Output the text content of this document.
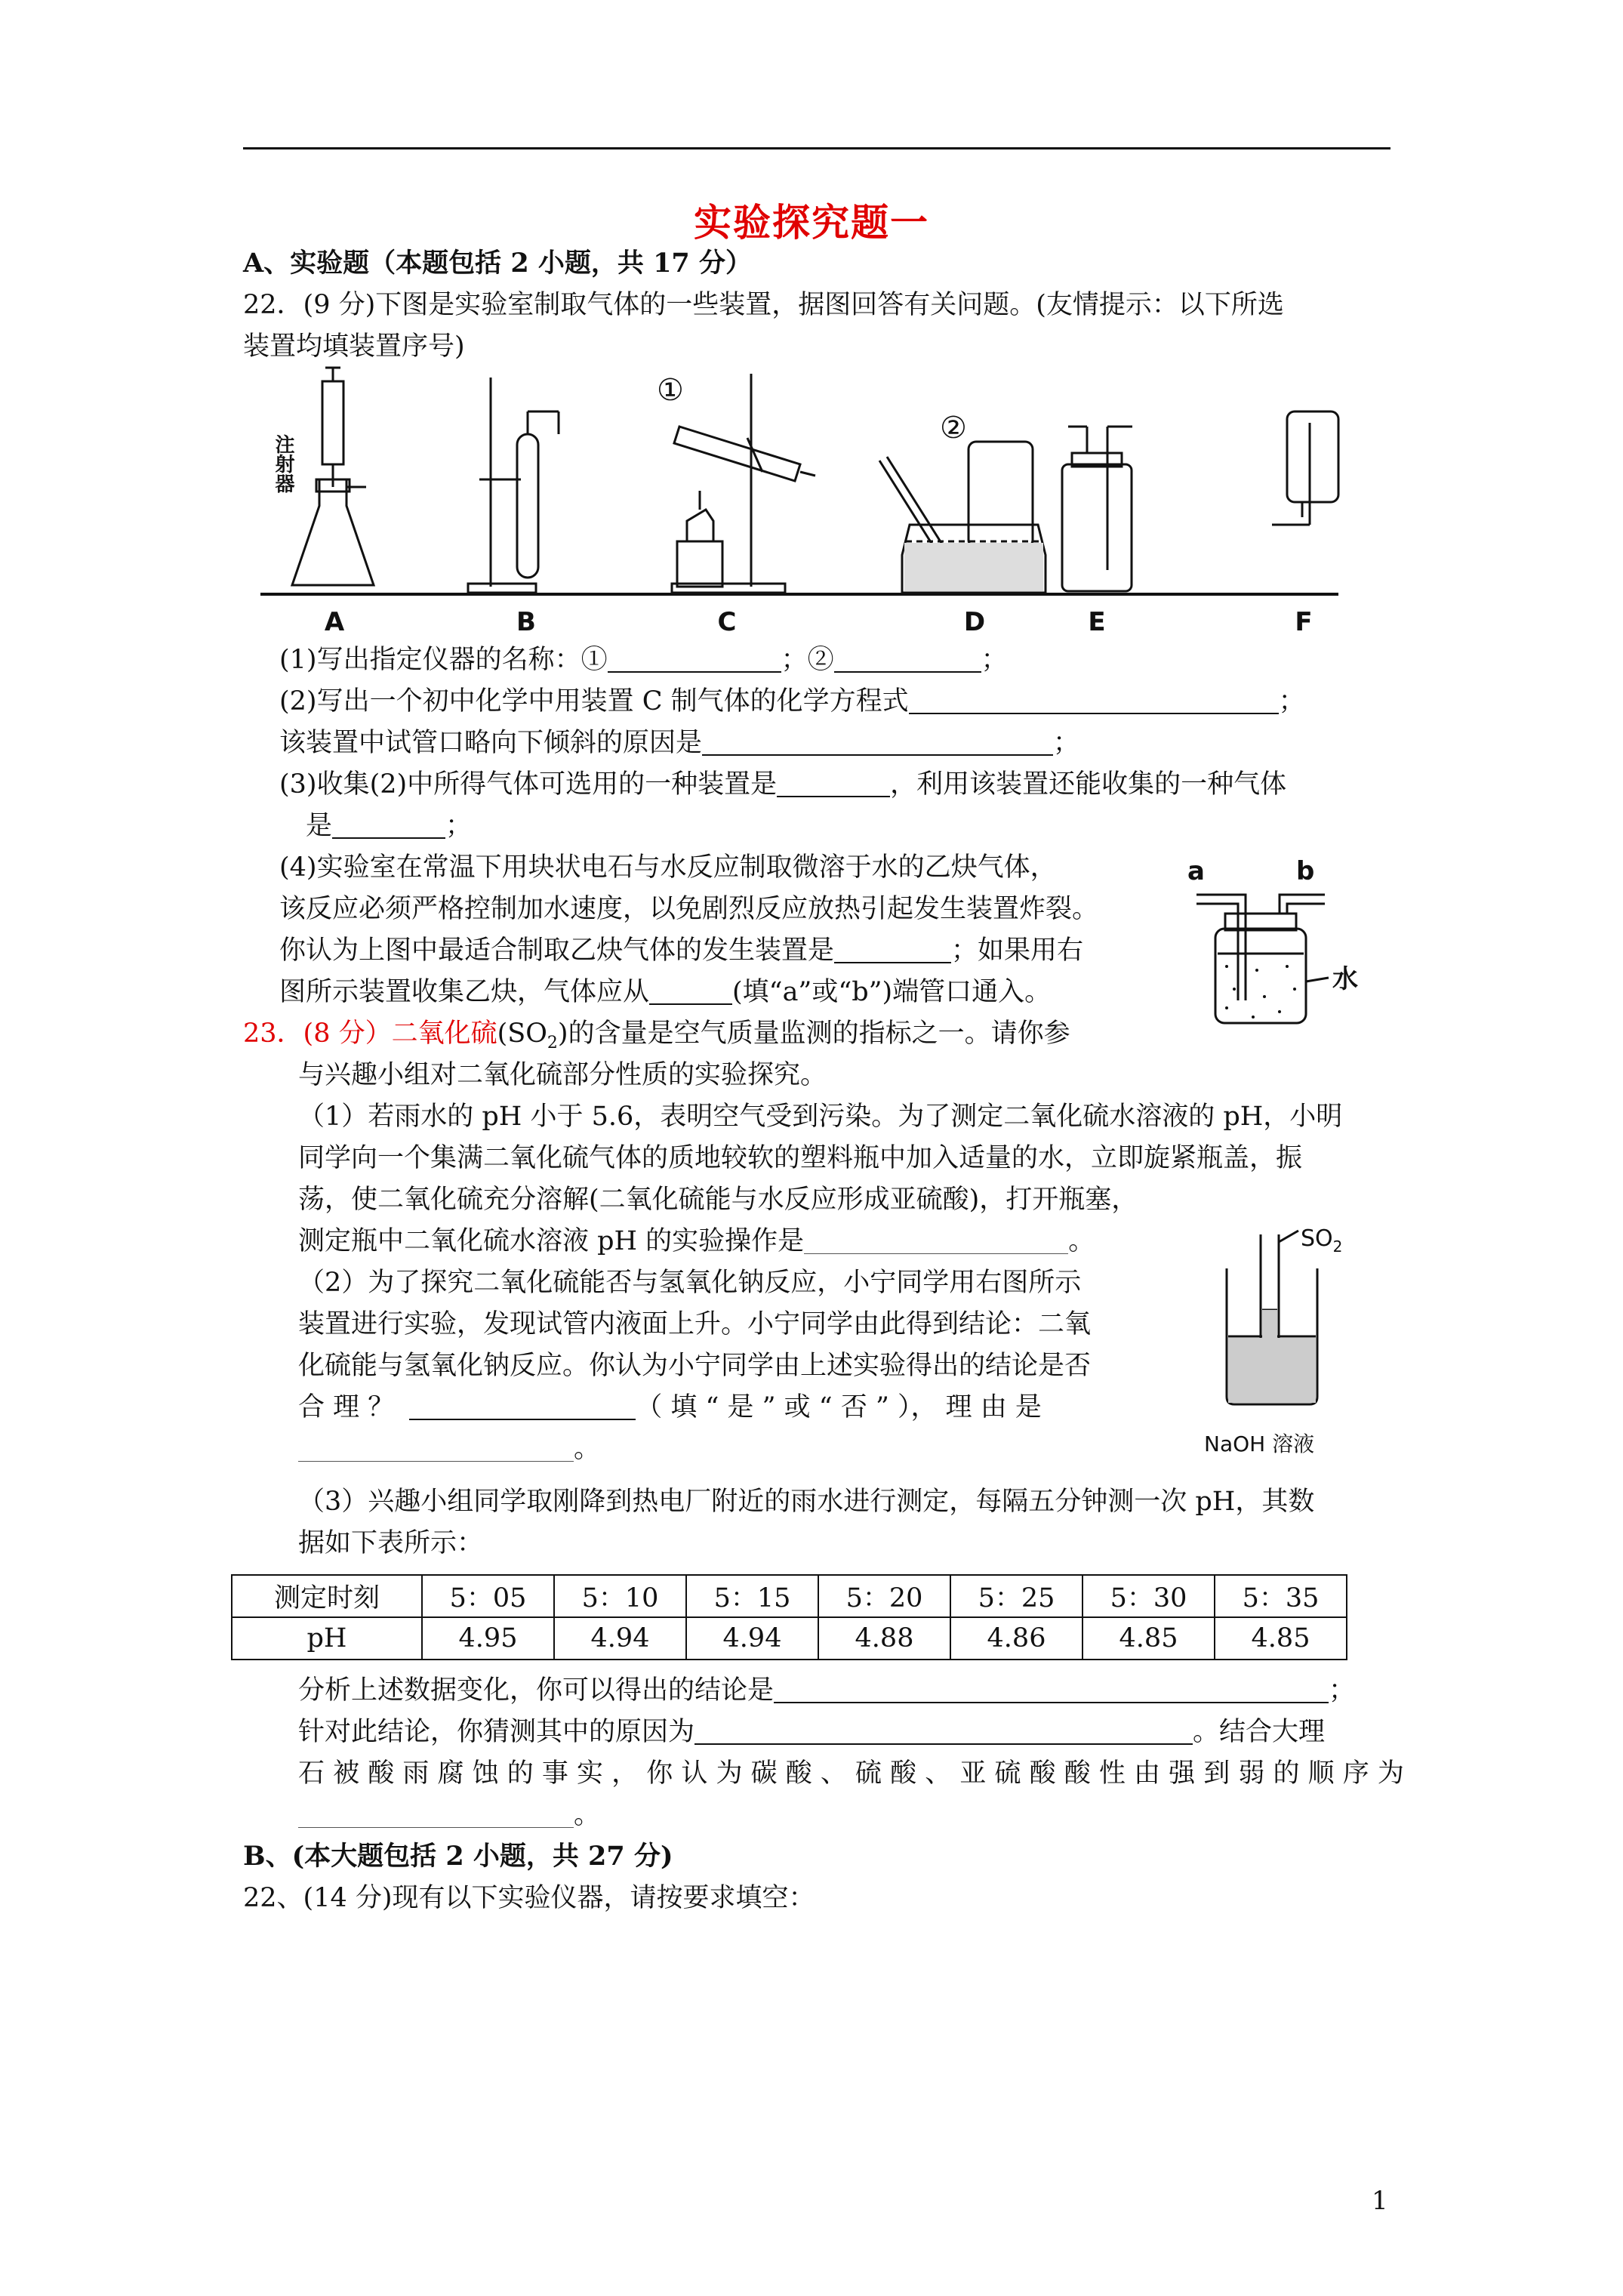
实验探究题一
A、实验题（本题包括 2 小题，共 17 分）
22．(9 分)下图是实验室制取气体的一些装置，据图回答有关问题。(友情提示：以下所选
装置均填装置序号)
A	B	C	D	E	F
注射器
①
②
(1)写出指定仪器的名称：①	；②	；
(2)写出一个初中化学中用装置 C 制气体的化学方程式	；
该装置中试管口略向下倾斜的原因是	；
(3)收集(2)中所得气体可选用的一种装置是	，利用该装置还能收集的一种气体
是	；
(4)实验室在常温下用块状电石与水反应制取微溶于水的乙炔气体，
该反应必须严格控制加水速度，以免剧烈反应放热引起发生装置炸裂。
你认为上图中最适合制取乙炔气体的发生装置是	；如果用右
图所示装置收集乙炔，气体应从	(填“a”或“b”)端管口通入。
a	b
水
23．(8 分）二氧化硫$(SO_2)$的含量是空气质量监测的指标之一。请你参
与兴趣小组对二氧化硫部分性质的实验探究。
（1）若雨水的 pH 小于 5.6，表明空气受到污染。为了测定二氧化硫水溶液的 pH，小明
同学向一个集满二氧化硫气体的质地较软的塑料瓶中加入适量的水，立即旋紧瓶盖，振
荡，使二氧化硫充分溶解(二氧化硫能与水反应形成亚硫酸)，打开瓶塞，
测定瓶中二氧化硫水溶液 pH 的实验操作是	。
（2）为了探究二氧化硫能否与氢氧化钠反应，小宁同学用右图所示
装置进行实验，发现试管内液面上升。小宁同学由此得到结论：二氧
化硫能与氢氧化钠反应。你认为小宁同学由上述实验得出的结论是否
合 理 ？	（ 填 “ 是 ” 或 “ 否 ” ）， 理 由 是
。
$SO_2$
NaOH 溶液
（3）兴趣小组同学取刚降到热电厂附近的雨水进行测定，每隔五分钟测一次 pH，其数
据如下表所示：
测定时刻	5：05	5：10	5：15	5：20	5：25	5：30	5：35
pH	4.95	4.94	4.94	4.88	4.86	4.85	4.85
分析上述数据变化，你可以得出的结论是	；
针对此结论，你猜测其中的原因为	。结合大理
石 被 酸 雨 腐 蚀 的 事 实 ， 你 认 为 碳 酸 、 硫 酸 、 亚 硫 酸 酸 性 由 强 到 弱 的 顺 序 为
。
B、(本大题包括 2 小题，共 27 分)
22、(14 分)现有以下实验仪器，请按要求填空：
1
